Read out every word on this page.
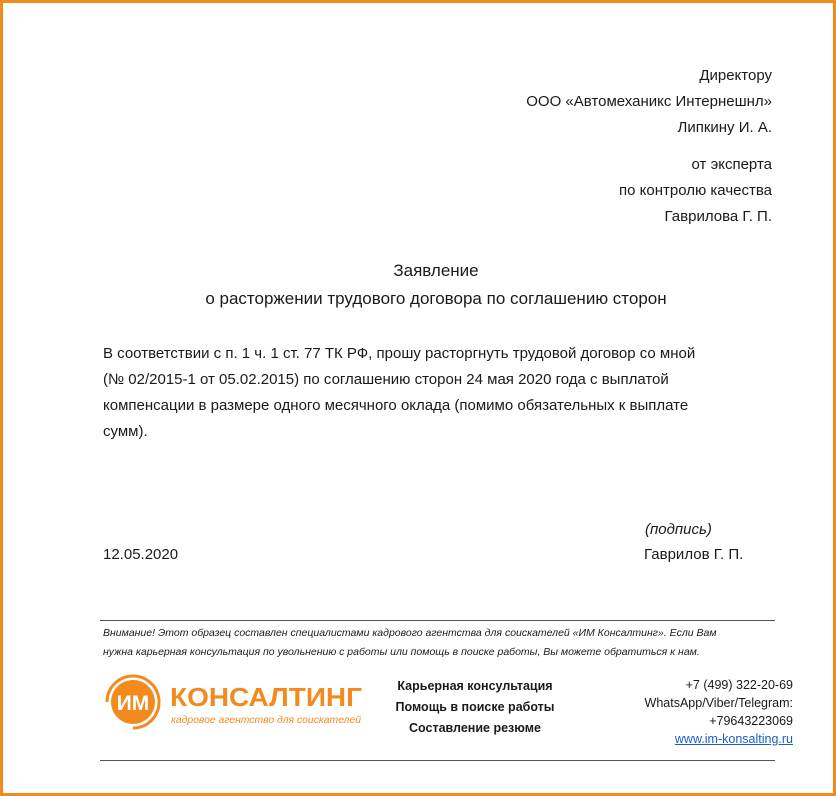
Директору
ООО «Автомеханикс Интернешнл»
Липкину И. А.
от эксперта
по контролю качества
Гаврилова Г. П.
Заявление
о расторжении трудового договора по соглашению сторон
В соответствии с п. 1 ч. 1 ст. 77 ТК РФ, прошу расторгнуть трудовой договор со мной
(№ 02/2015-1 от 05.02.2015) по соглашению сторон 24 мая 2020 года с выплатой
компенсации в размере одного месячного оклада (помимо обязательных к выплате
сумм).
(подпись)
12.05.2020	Гаврилов Г. П.
Внимание! Этот образец составлен специалистами кадрового агентства для соискателей «ИМ Консалтинг». Если Вам
нужна карьерная консультация по увольнению с работы или помощь в поиске работы, Вы можете обратиться к нам.
ИМ КОНСАЛТИНГ
кадровое агентство для соискателей
Карьерная консультация
Помощь в поиске работы
Составление резюме
+7 (499) 322-20-69
WhatsApp/Viber/Telegram:
+79643223069
www.im-konsalting.ru
